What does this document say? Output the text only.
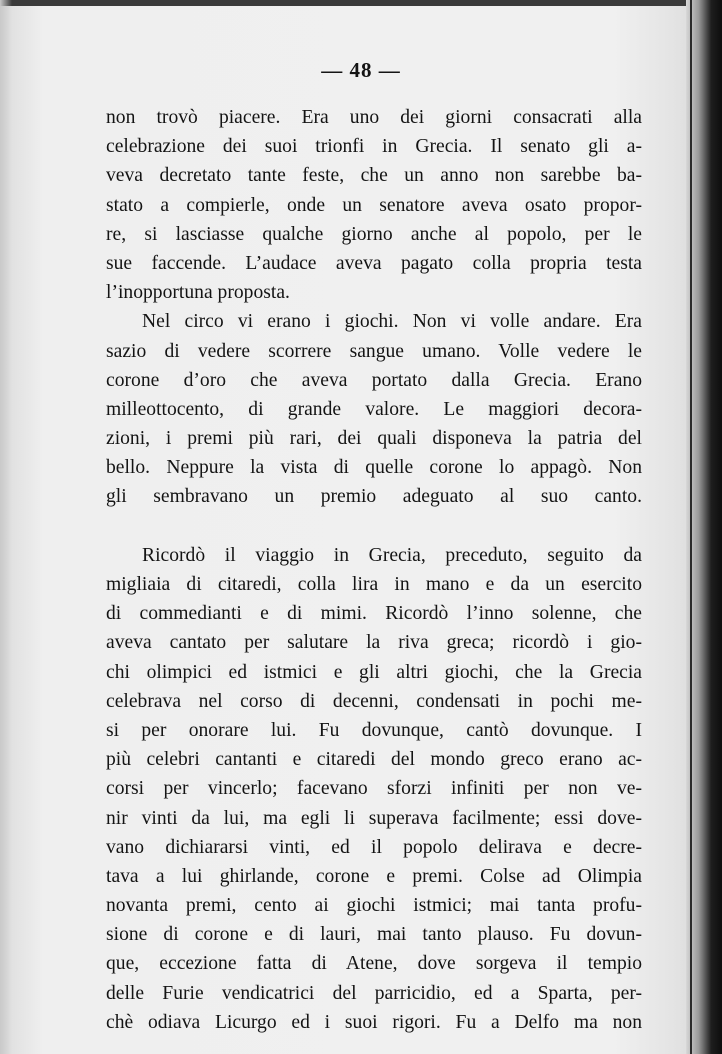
— 48 —
non trovò piacere. Era uno dei giorni consacrati alla
celebrazione dei suoi trionfi in Grecia. Il senato gli a-
veva decretato tante feste, che un anno non sarebbe ba-
stato a compierle, onde un senatore aveva osato propor-
re, si lasciasse qualche giorno anche al popolo, per le
sue faccende. L’audace aveva pagato colla propria testa
l’inopportuna proposta.
Nel circo vi erano i giochi. Non vi volle andare. Era
sazio di vedere scorrere sangue umano. Volle vedere le
corone d’oro che aveva portato dalla Grecia. Erano
milleottocento, di grande valore. Le maggiori decora-
zioni, i premi più rari, dei quali disponeva la patria del
bello. Neppure la vista di quelle corone lo appagò. Non
gli sembravano un premio adeguato al suo canto.
Ricordò il viaggio in Grecia, preceduto, seguito da
migliaia di citaredi, colla lira in mano e da un esercito
di commedianti e di mimi. Ricordò l’inno solenne, che
aveva cantato per salutare la riva greca; ricordò i gio-
chi olimpici ed istmici e gli altri giochi, che la Grecia
celebrava nel corso di decenni, condensati in pochi me-
si per onorare lui. Fu dovunque, cantò dovunque. I
più celebri cantanti e citaredi del mondo greco erano ac-
corsi per vincerlo; facevano sforzi infiniti per non ve-
nir vinti da lui, ma egli li superava facilmente; essi dove-
vano dichiararsi vinti, ed il popolo delirava e decre-
tava a lui ghirlande, corone e premi. Colse ad Olimpia
novanta premi, cento ai giochi istmici; mai tanta profu-
sione di corone e di lauri, mai tanto plauso. Fu dovun-
que, eccezione fatta di Atene, dove sorgeva il tempio
delle Furie vendicatrici del parricidio, ed a Sparta, per-
chè odiava Licurgo ed i suoi rigori. Fu a Delfo ma non
